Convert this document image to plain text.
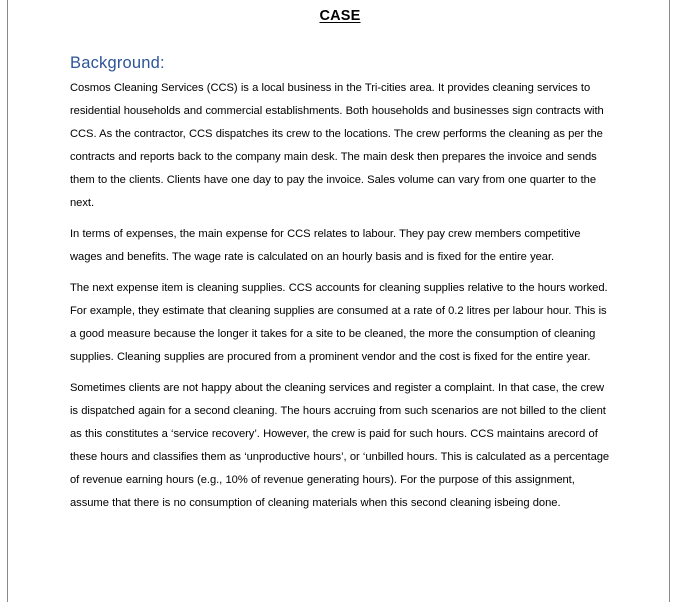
CASE
Background:

Cosmos Cleaning Services (CCS) is a local business in the Tri-cities area. It provides cleaning services to residential households and commercial establishments. Both households and businesses sign contracts with CCS. As the contractor, CCS dispatches its crew to the locations. The crew performs the cleaning as per the contracts and reports back to the company main desk. The main desk then prepares the invoice and sends them to the clients. Clients have one day to pay the invoice. Sales volume can vary from one quarter to the next.

In terms of expenses, the main expense for CCS relates to labour. They pay crew members competitive wages and benefits. The wage rate is calculated on an hourly basis and is fixed for the entire year.

The next expense item is cleaning supplies. CCS accounts for cleaning supplies relative to the hours worked. For example, they estimate that cleaning supplies are consumed at a rate of 0.2 litres per labour hour. This is a good measure because the longer it takes for a site to be cleaned, the more the consumption of cleaning supplies. Cleaning supplies are procured from a prominent vendor and the cost is fixed for the entire year.

Sometimes clients are not happy about the cleaning services and register a complaint. In that case, the crew is dispatched again for a second cleaning. The hours accruing from such scenarios are not billed to the client as this constitutes a ‘service recovery’. However, the crew is paid for such hours. CCS maintains arecord of these hours and classifies them as ‘unproductive hours’, or ‘unbilled hours. This is calculated as a percentage of revenue earning hours (e.g., 10% of revenue generating hours). For the purpose of this assignment, assume that there is no consumption of cleaning materials when this second cleaning isbeing done.
